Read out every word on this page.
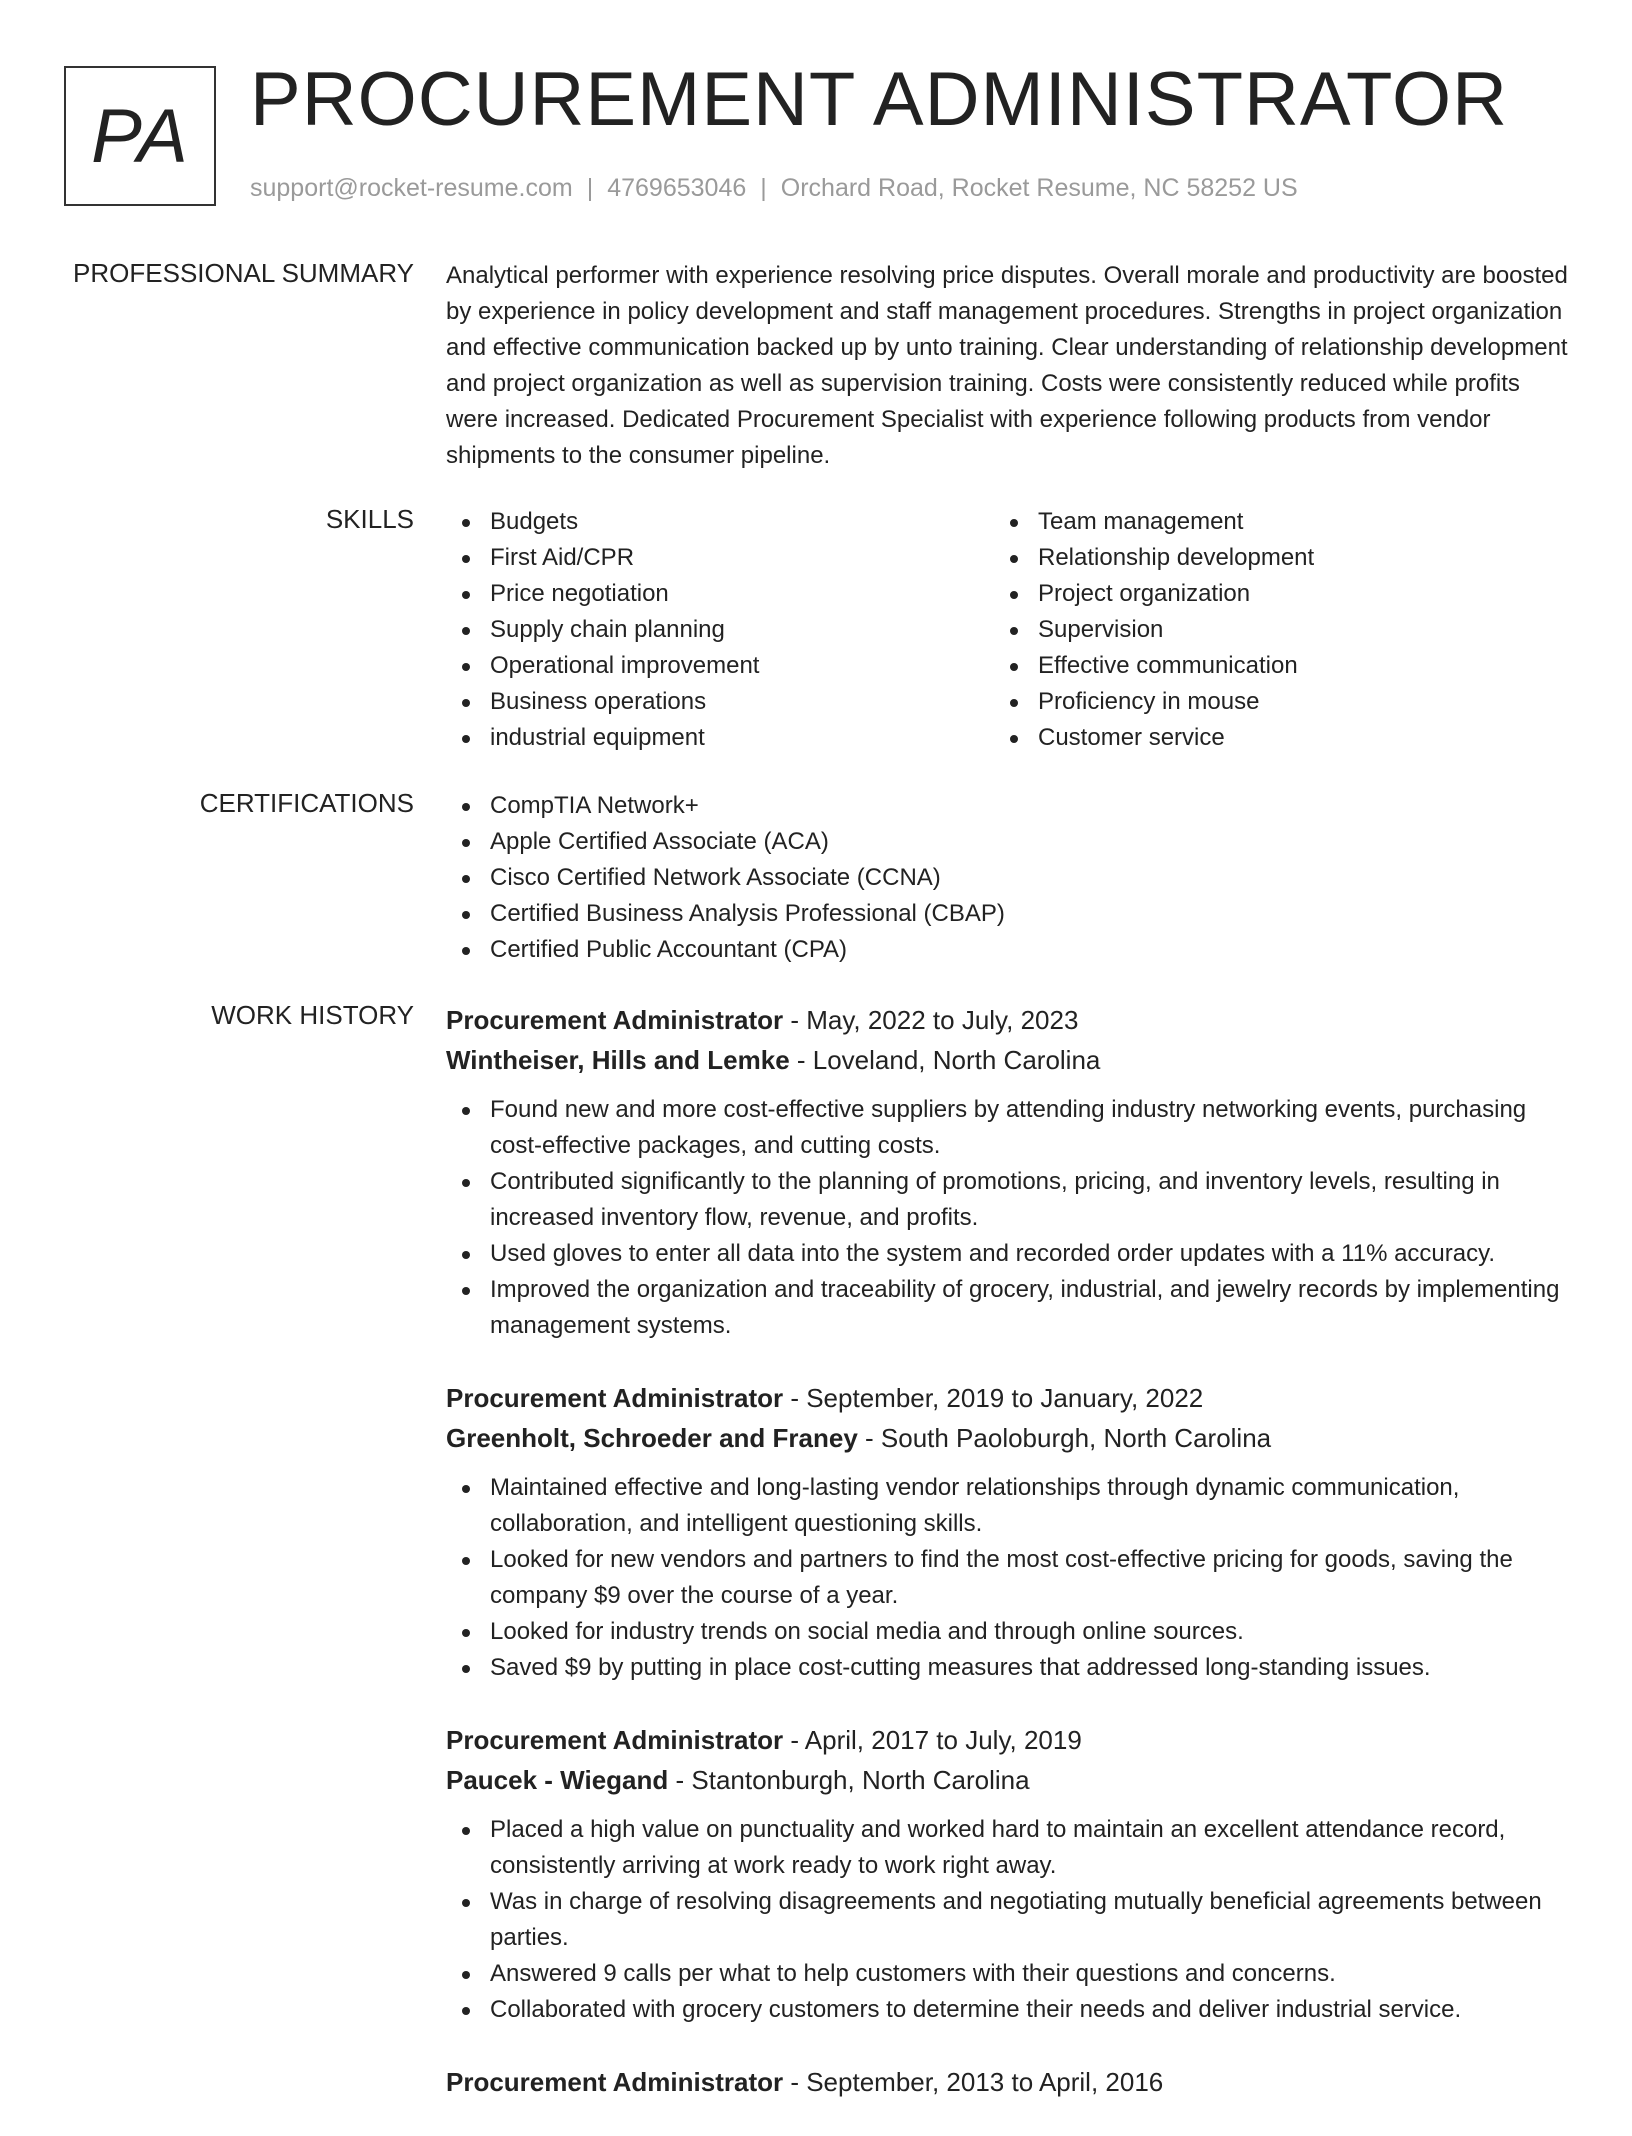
PA PROCUREMENT ADMINISTRATOR
support@rocket-resume.com | 4769653046 | Orchard Road, Rocket Resume, NC 58252 US
PROFESSIONAL SUMMARY Analytical performer with experience resolving price disputes. Overall morale and productivity are boosted by experience in policy development and staff management procedures. Strengths in project organization and effective communication backed up by unto training. Clear understanding of relationship development and project organization as well as supervision training. Costs were consistently reduced while profits were increased. Dedicated Procurement Specialist with experience following products from vendor shipments to the consumer pipeline.

SKILLS	Budgets
First Aid/CPR
Price negotiation
Supply chain planning
Operational improvement
Business operations
industrial equipment
Team management
Relationship development
Project organization
Supervision
Effective communication
Proficiency in mouse
Customer service
CERTIFICATIONS	CompTIA Network+
Apple Certified Associate (ACA)
Cisco Certified Network Associate (CCNA)
Certified Business Analysis Professional (CBAP)
Certified Public Accountant (CPA)
WORK HISTORY Procurement Administrator - May, 2022 to July, 2023
Wintheiser, Hills and Lemke - Loveland, North Carolina
Found new and more cost-effective suppliers by attending industry networking events, purchasing cost-effective packages, and cutting costs.
Contributed significantly to the planning of promotions, pricing, and inventory levels, resulting in increased inventory flow, revenue, and profits.
Used gloves to enter all data into the system and recorded order updates with a 11% accuracy.
Improved the organization and traceability of grocery, industrial, and jewelry records by implementing management systems.
Procurement Administrator - September, 2019 to January, 2022
Greenholt, Schroeder and Franey - South Paoloburgh, North Carolina
Maintained effective and long-lasting vendor relationships through dynamic communication, collaboration, and intelligent questioning skills.
Looked for new vendors and partners to find the most cost-effective pricing for goods, saving the company $9 over the course of a year.
Looked for industry trends on social media and through online sources.
Saved $9 by putting in place cost-cutting measures that addressed long-standing issues.
Procurement Administrator - April, 2017 to July, 2019
Paucek - Wiegand - Stantonburgh, North Carolina
Placed a high value on punctuality and worked hard to maintain an excellent attendance record, consistently arriving at work ready to work right away.
Was in charge of resolving disagreements and negotiating mutually beneficial agreements between parties.
Answered 9 calls per what to help customers with their questions and concerns.
Collaborated with grocery customers to determine their needs and deliver industrial service.
Procurement Administrator - September, 2013 to April, 2016
